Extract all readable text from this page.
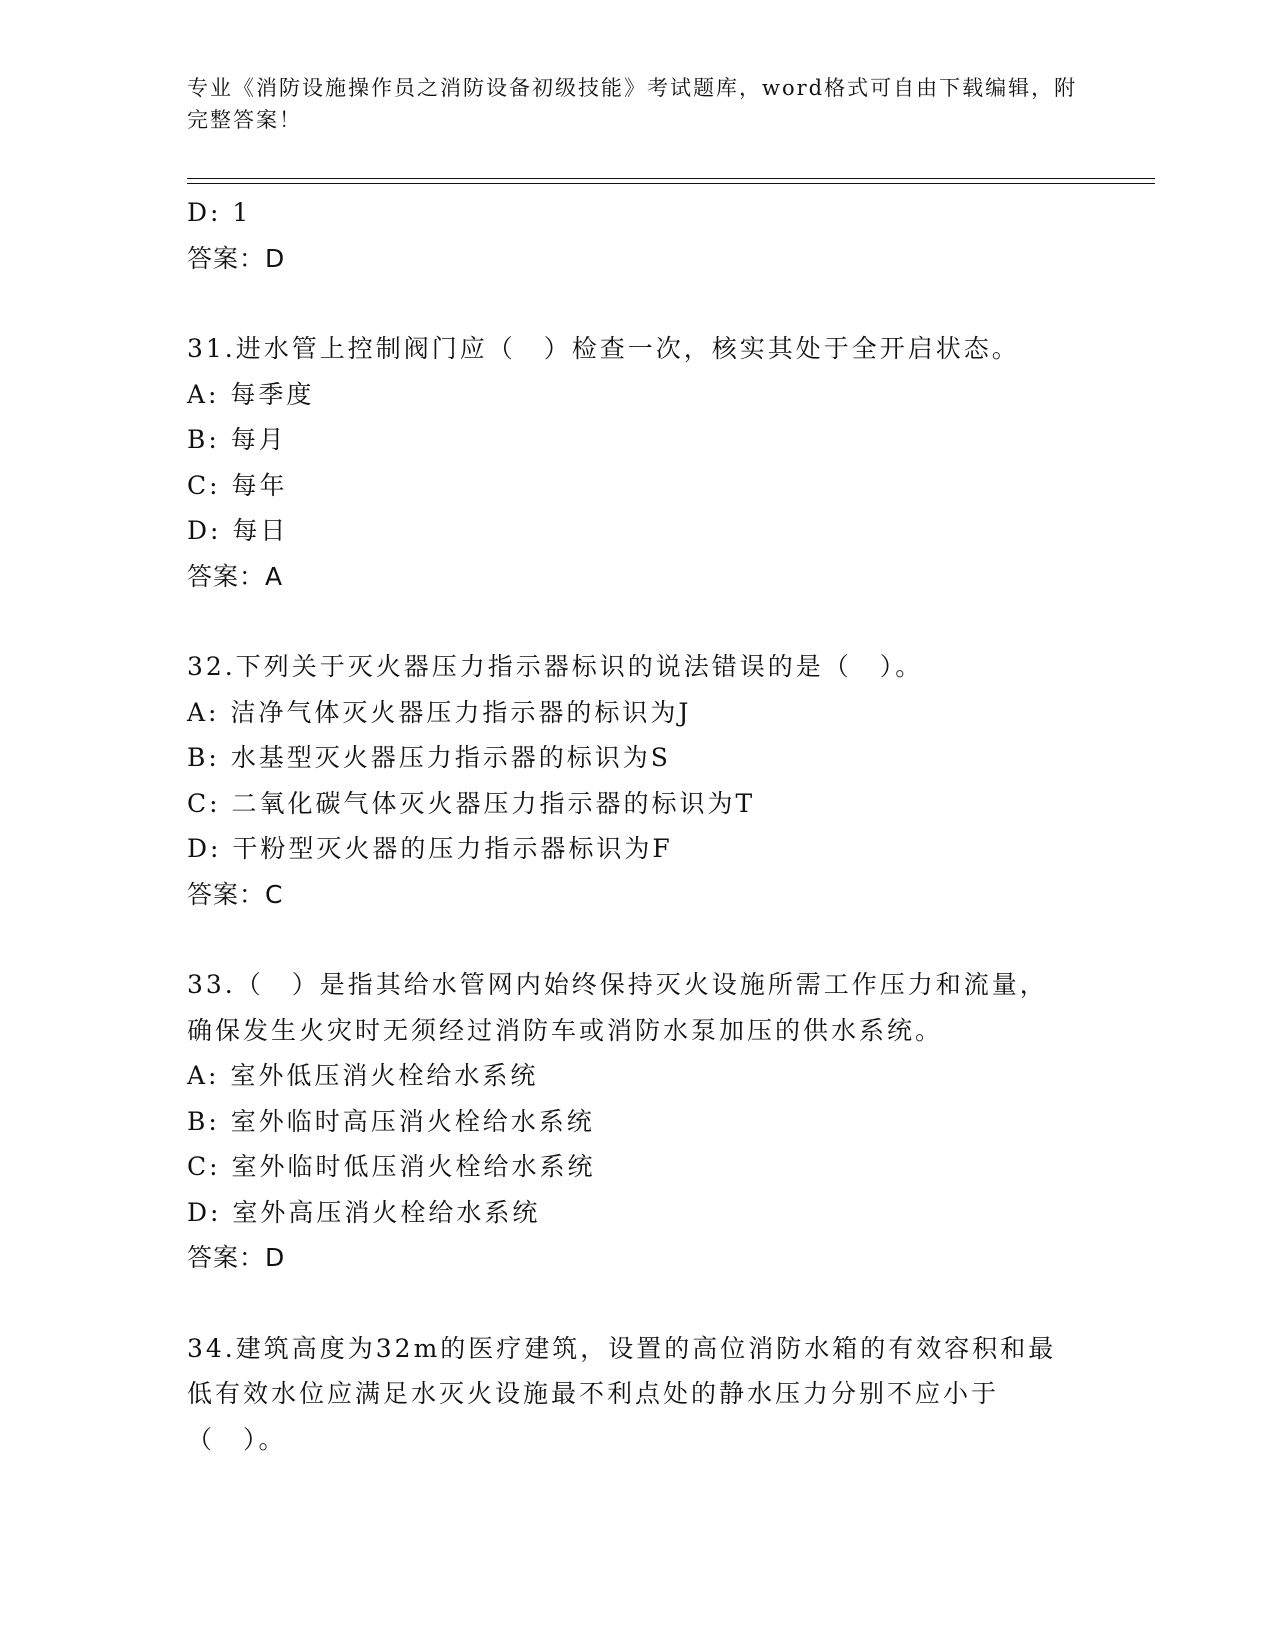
专业《消防设施操作员之消防设备初级技能》考试题库，word格式可自由下载编辑，附完整答案！
D: 1
答案：D
31.进水管上控制阀门应（　）检查一次，核实其处于全开启状态。
A: 每季度
B: 每月
C: 每年
D: 每日
答案：A
32.下列关于灭火器压力指示器标识的说法错误的是（　）。
A: 洁净气体灭火器压力指示器的标识为J
B: 水基型灭火器压力指示器的标识为S
C: 二氧化碳气体灭火器压力指示器的标识为T
D: 干粉型灭火器的压力指示器标识为F
答案：C
33.（　）是指其给水管网内始终保持灭火设施所需工作压力和流量，确保发生火灾时无须经过消防车或消防水泵加压的供水系统。
A: 室外低压消火栓给水系统
B: 室外临时高压消火栓给水系统
C: 室外临时低压消火栓给水系统
D: 室外高压消火栓给水系统
答案：D
34.建筑高度为32m的医疗建筑，设置的高位消防水箱的有效容积和最低有效水位应满足水灭火设施最不利点处的静水压力分别不应小于（　）。
